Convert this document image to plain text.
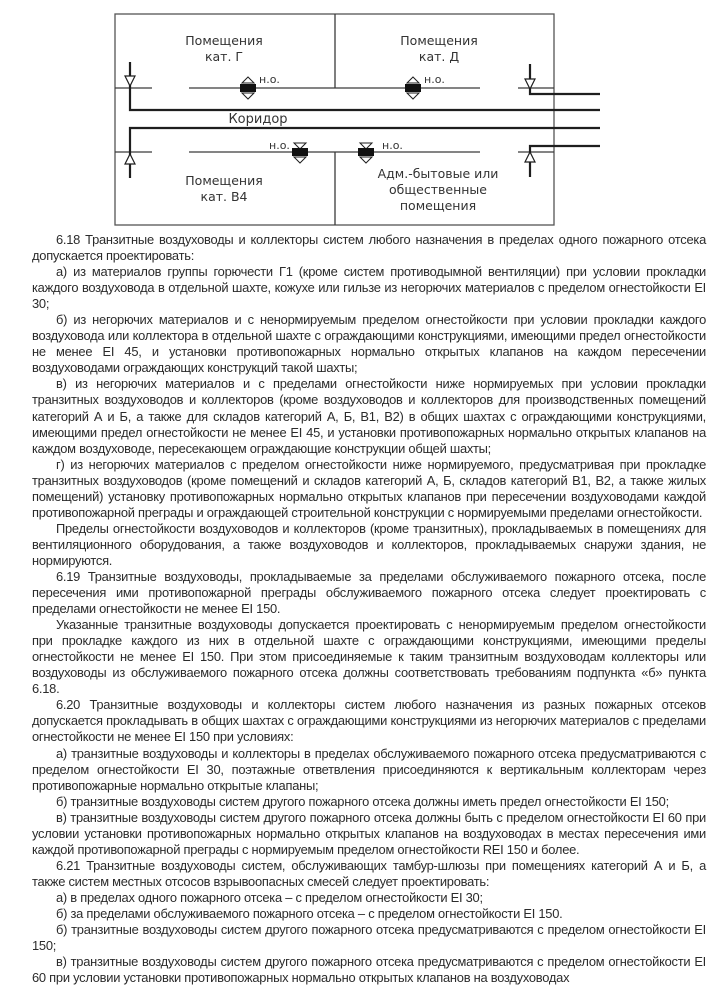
н.о.	н.о.
н.о.	н.о.
Помещения
кат. Г
Помещения
кат. Д
Коридор
Помещения
кат. В4
Адм.-бытовые или
общественные
помещения

6.18 Транзитные воздуховоды и коллекторы систем любого назначения в пределах одного пожарного отсека допускается проектировать:

а) из материалов группы горючести Г1 (кроме систем противодымной вентиляции) при условии прокладки каждого воздуховода в отдельной шахте, кожухе или гильзе из негорючих материалов с пределом огнестойкости EI 30;

б) из негорючих материалов и с ненормируемым пределом огнестойкости при условии прокладки каждого воздуховода или коллектора в отдельной шахте с ограждающими конструкциями, имеющими предел огнестойкости не менее EI 45, и установки противопожарных нормально открытых клапанов на каждом пересечении воздуховодами ограждающих конструкций такой шахты;

в) из негорючих материалов и с пределами огнестойкости ниже нормируемых при условии прокладки транзитных воздуховодов и коллекторов (кроме воздуховодов и коллекторов для производственных помещений категорий А и Б, а также для складов категорий А, Б, В1, В2) в общих шахтах с ограждающими конструкциями, имеющими предел огнестойкости не менее EI 45, и установки противопожарных нормально открытых клапанов на каждом воздуховоде, пересекающем ограждающие конструкции общей шахты;

г) из негорючих материалов с пределом огнестойкости ниже нормируемого, предусматривая при прокладке транзитных воздуховодов (кроме помещений и складов категорий А, Б, складов категорий В1, В2, а также жилых помещений) установку противопожарных нормально открытых клапанов при пересечении воздуховодами каждой противопожарной преграды и ограждающей строительной конструкции с нормируемыми пределами огнестойкости.

Пределы огнестойкости воздуховодов и коллекторов (кроме транзитных), прокладываемых в помещениях для вентиляционного оборудования, а также воздуховодов и коллекторов, прокладываемых снаружи здания, не нормируются.

6.19 Транзитные воздуховоды, прокладываемые за пределами обслуживаемого пожарного отсека, после пересечения ими противопожарной преграды обслуживаемого пожарного отсека следует проектировать с пределами огнестойкости не менее EI 150.

Указанные транзитные воздуховоды допускается проектировать с ненормируемым пределом огнестойкости при прокладке каждого из них в отдельной шахте с ограждающими конструкциями, имеющими пределы огнестойкости не менее EI 150. При этом присоединяемые к таким транзитным воздуховодам коллекторы или воздуховоды из обслуживаемого пожарного отсека должны соответствовать требованиям подпункта «б» пункта 6.18.

6.20 Транзитные воздуховоды и коллекторы систем любого назначения из разных пожарных отсеков допускается прокладывать в общих шахтах с ограждающими конструкциями из негорючих материалов с пределами огнестойкости не менее EI 150 при условиях:

а) транзитные воздуховоды и коллекторы в пределах обслуживаемого пожарного отсека предусматриваются с пределом огнестойкости EI 30, поэтажные ответвления присоединяются к вертикальным коллекторам через противопожарные нормально открытые клапаны;

б) транзитные воздуховоды систем другого пожарного отсека должны иметь предел огнестойкости EI 150;

в) транзитные воздуховоды систем другого пожарного отсека должны быть с пределом огнестойкости EI 60 при условии установки противопожарных нормально открытых клапанов на воздуховодах в местах пересечения ими каждой противопожарной преграды с нормируемым пределом огнестойкости REI 150 и более.

6.21 Транзитные воздуховоды систем, обслуживающих тамбур-шлюзы при помещениях категорий А и Б, а также систем местных отсосов взрывоопасных смесей следует проектировать:

а) в пределах одного пожарного отсека – с пределом огнестойкости EI 30;

б) за пределами обслуживаемого пожарного отсека – с пределом огнестойкости EI 150.

б) транзитные воздуховоды систем другого пожарного отсека предусматриваются с пределом огнестойкости EI 150;

в) транзитные воздуховоды систем другого пожарного отсека предусматриваются с пределом огнестойкости EI 60 при условии установки противопожарных нормально открытых клапанов на воздуховодах
